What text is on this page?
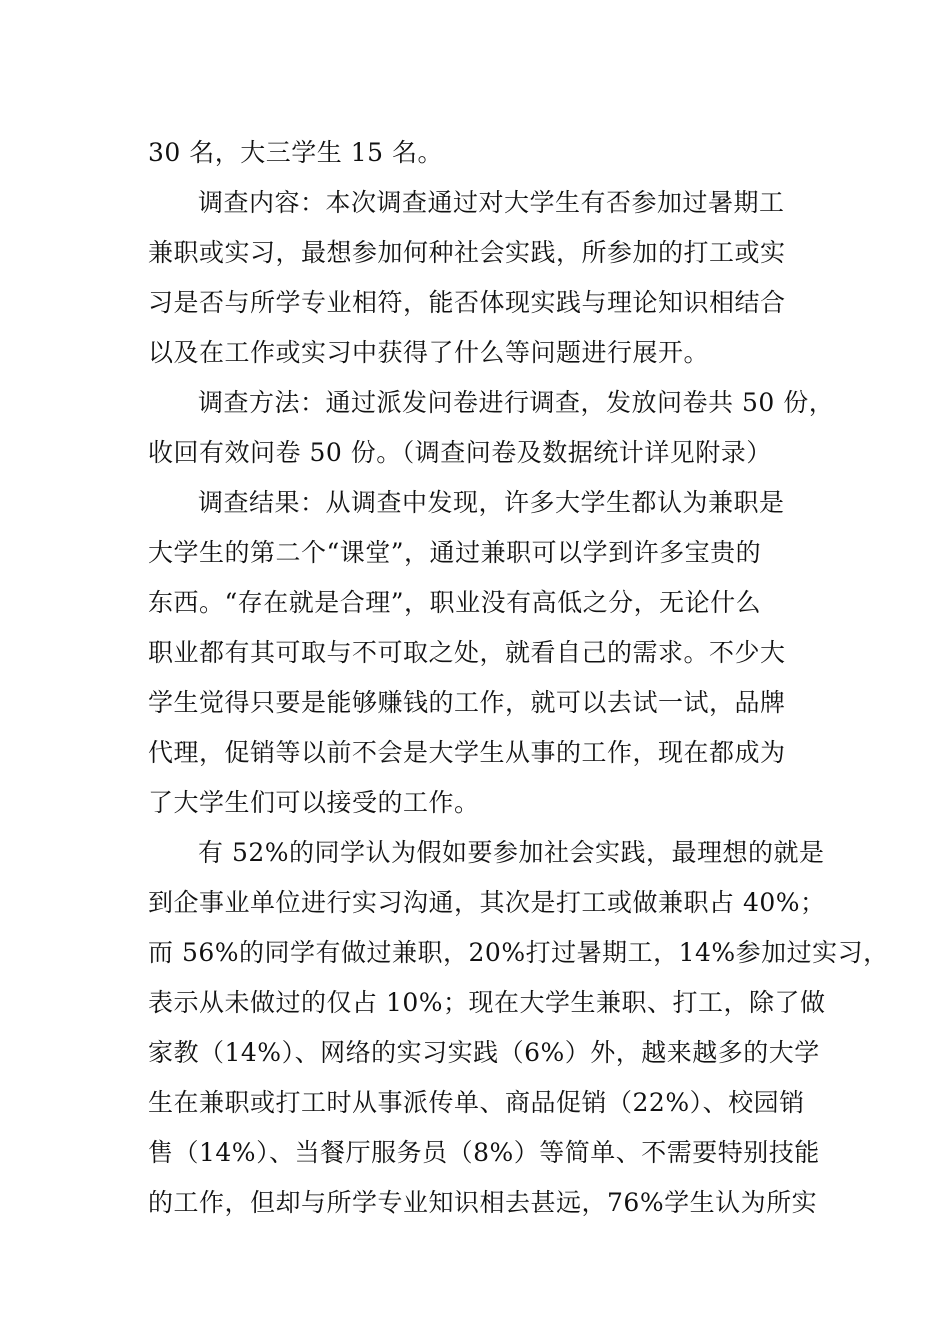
30 名，大三学生 15 名。
调查内容：本次调查通过对大学生有否参加过暑期工
兼职或实习，最想参加何种社会实践，所参加的打工或实
习是否与所学专业相符，能否体现实践与理论知识相结合
以及在工作或实习中获得了什么等问题进行展开。
调查方法：通过派发问卷进行调查，发放问卷共 50 份，
收回有效问卷 50 份。（调查问卷及数据统计详见附录）
调查结果：从调查中发现，许多大学生都认为兼职是
大学生的第二个“课堂”，通过兼职可以学到许多宝贵的
东西。“存在就是合理”，职业没有高低之分，无论什么
职业都有其可取与不可取之处，就看自己的需求。不少大
学生觉得只要是能够赚钱的工作，就可以去试一试，品牌
代理，促销等以前不会是大学生从事的工作，现在都成为
了大学生们可以接受的工作。
有 52%的同学认为假如要参加社会实践，最理想的就是
到企事业单位进行实习沟通，其次是打工或做兼职占 40%；
而 56%的同学有做过兼职，20%打过暑期工，14%参加过实习，
表示从未做过的仅占 10%；现在大学生兼职、打工，除了做
家教（14%）、网络的实习实践（6%）外，越来越多的大学
生在兼职或打工时从事派传单、商品促销（22%）、校园销
售（14%）、当餐厅服务员（8%）等简单、不需要特别技能
的工作，但却与所学专业知识相去甚远，76%学生认为所实
